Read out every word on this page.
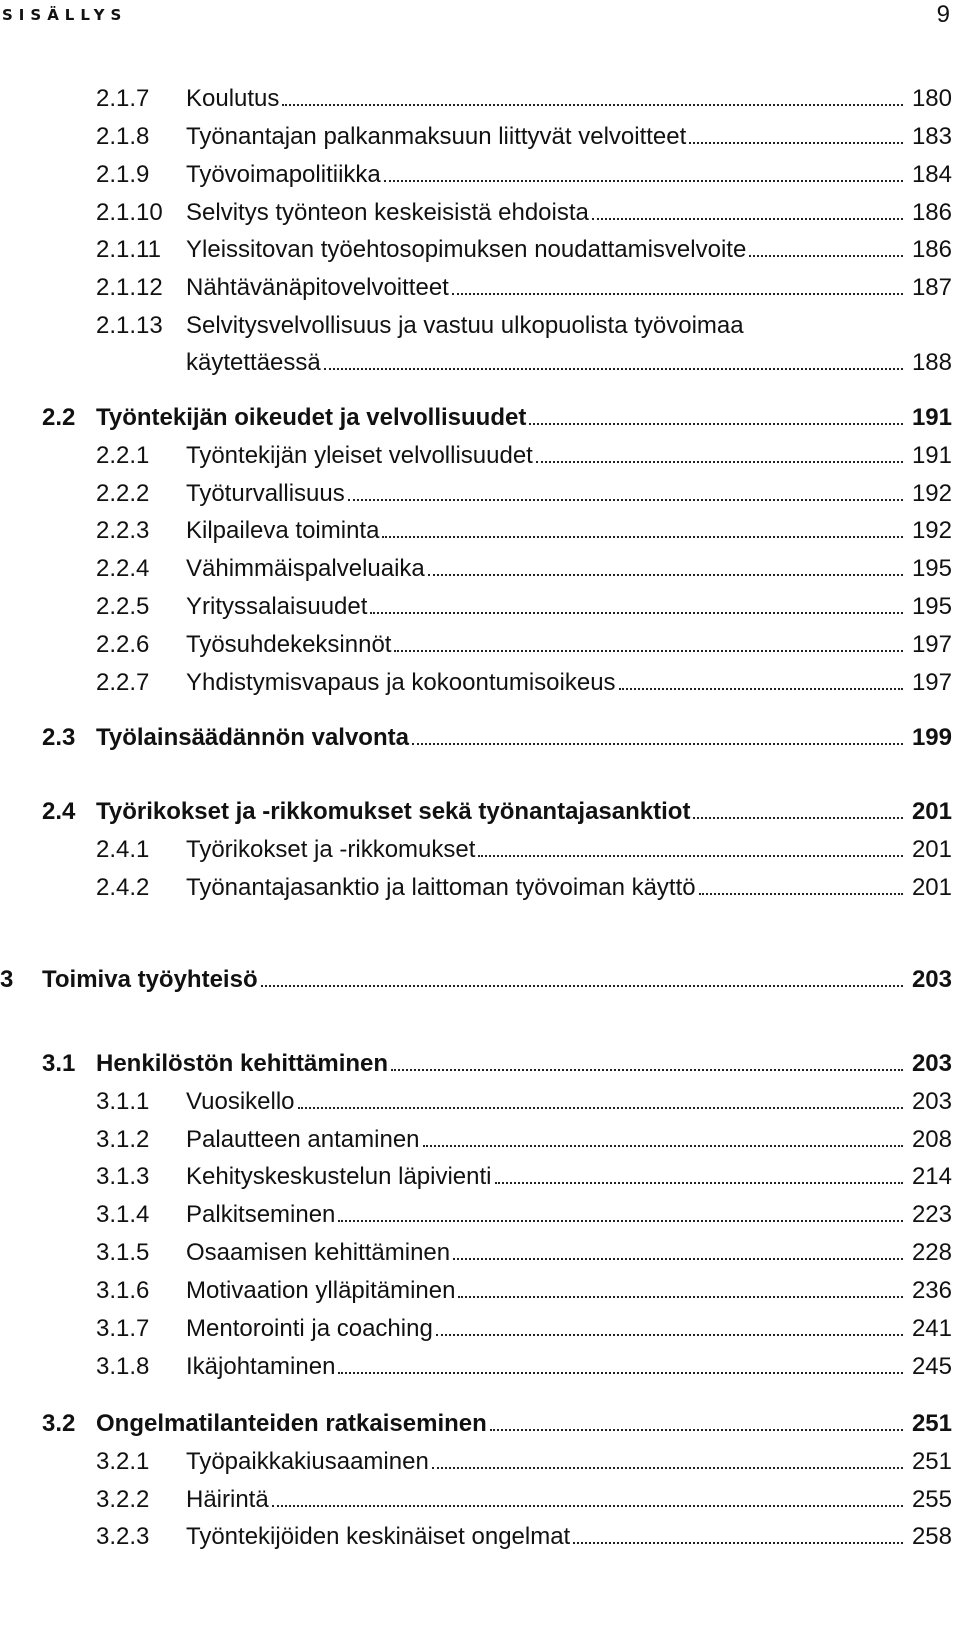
SISÄLLYS	9
2.1.7	Koulutus	180
2.1.8	Työnantajan palkanmaksuun liittyvät velvoitteet	183
2.1.9	Työvoimapolitiikka	184
2.1.10 Selvitys työnteon keskeisistä ehdoista	186
2.1.11	Yleissitovan työehtosopimuksen noudattamisvelvoite	186
2.1.12 Nähtävänäpitovelvoitteet	187
2.1.13 Selvitysvelvollisuus ja vastuu ulkopuolista työvoimaa
käytettäessä	188
2.2 Työntekijän oikeudet ja velvollisuudet	191
2.2.1	Työntekijän yleiset velvollisuudet	191
2.2.2	Työturvallisuus	192
2.2.3	Kilpaileva toiminta	192
2.2.4	Vähimmäispalveluaika	195
2.2.5	Yrityssalaisuudet	195
2.2.6	Työsuhdekeksinnöt	197
2.2.7	Yhdistymisvapaus ja kokoontumisoikeus	197
2.3 Työlainsäädännön valvonta	199
2.4 Työrikokset ja -rikkomukset sekä työnantajasanktiot	201
2.4.1	Työrikokset ja -rikkomukset	201
2.4.2	Työnantajasanktio ja laittoman työvoiman käyttö	201
3	Toimiva työyhteisö	203
3.1 Henkilöstön kehittäminen	203
3.1.1	Vuosikello	203
3.1.2	Palautteen antaminen	208
3.1.3	Kehityskeskustelun läpivienti	214
3.1.4	Palkitseminen	223
3.1.5	Osaamisen kehittäminen	228
3.1.6	Motivaation ylläpitäminen	236
3.1.7	Mentorointi ja coaching	241
3.1.8	Ikäjohtaminen	245
3.2 Ongelmatilanteiden ratkaiseminen	251
3.2.1	Työpaikkakiusaaminen	251
3.2.2	Häirintä	255
3.2.3	Työntekijöiden keskinäiset ongelmat	258
